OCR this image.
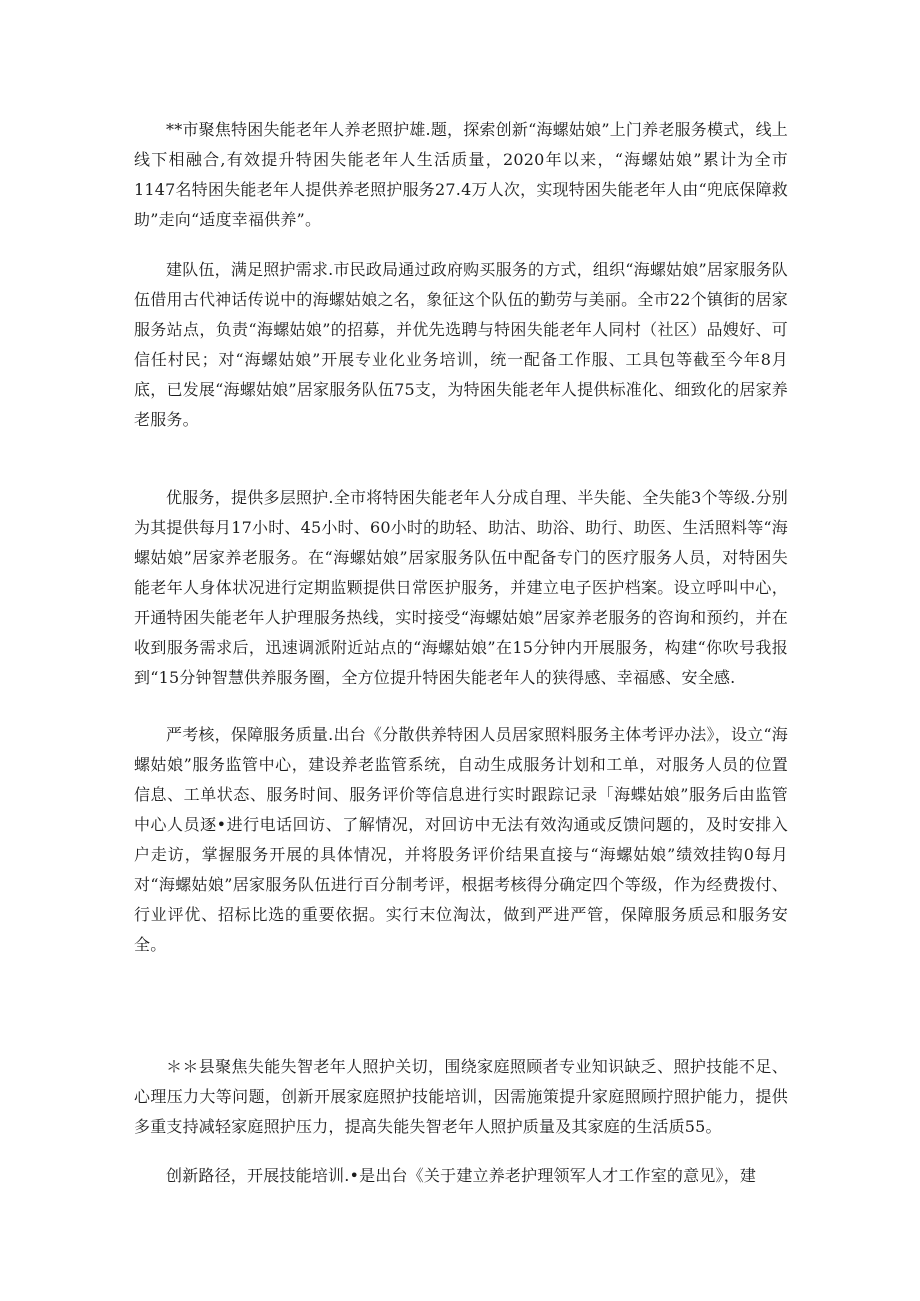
**市聚焦特困失能老年人养老照护雄.题，探索创新“海螺姑娘”上门养老服务模式，线上线下相融合,有效提升特困失能老年人生活质量，2020年以来，“海螺姑娘”累计为全市1147名特困失能老年人提供养老照护服务27.4万人次，实现特困失能老年人由“兜底保障救助”走向“适度幸福供养”。

建队伍，满足照护需求.市民政局通过政府购买服务的方式，组织“海螺姑娘”居家服务队伍借用古代神话传说中的海螺姑娘之名，象征这个队伍的勤劳与美丽。全市22个镇街的居家服务站点，负责“海螺姑娘”的招募，并优先选聘与特困失能老年人同村（社区）品嫂好、可信任村民；对“海螺姑娘”开展专业化业务培训，统一配备工作服、工具包等截至今年8月底，已发展“海螺姑娘”居家服务队伍75支，为特困失能老年人提供标准化、细致化的居家养老服务。

优服务，提供多层照护.全市将特困失能老年人分成自理、半失能、全失能3个等级.分别为其提供每月17小时、45小时、60小时的助轻、助沽、助浴、助行、助医、生活照料等“海螺姑娘”居家养老服务。在“海螺姑娘”居家服务队伍中配备专门的医疗服务人员，对特困失能老年人身体状况进行定期监颗提供日常医护服务，并建立电子医护档案。设立呼叫中心，开通特困失能老年人护理服务热线，实时接受“海螺姑娘”居家养老服务的咨询和预约，并在收到服务需求后，迅速调派附近站点的“海螺姑娘”在15分钟内开展服务，构建“你吹号我报到“15分钟智慧供养服务圈，全方位提升特困失能老年人的狭得感、幸福感、安全感.

严考核，保障服务质量.出台《分散供养特困人员居家照料服务主体考评办法》，设立“海螺姑娘”服务监管中心，建设养老监管系统，自动生成服务计划和工单，对服务人员的位置信息、工单状态、服务时间、服务评价等信息进行实时跟踪记录「海蝶姑娘”服务后由监管中心人员逐•进行电话回访、了解情况，对回访中无法有效沟通或反馈问题的，及时安排入户走访，掌握服务开展的具体情况，并将股务评价结果直接与“海螺姑娘”绩效挂钩0每月对“海螺姑娘”居家服务队伍进行百分制考评，根据考核得分确定四个等级，作为经费拨付、行业评优、招标比选的重要依据。实行末位淘汰，做到严进严管，保障服务质忌和服务安全。

＊＊县聚焦失能失智老年人照护关切，围绕家庭照顾者专业知识缺乏、照护技能不足、心理压力大等问题，创新开展家庭照护技能培训，因需施策提升家庭照顾拧照护能力，提供多重支持减轻家庭照护压力，提高失能失智老年人照护质量及其家庭的生活质55。

创新路径，开展技能培训.•是出台《关于建立养老护理领军人才工作室的意见》，建
